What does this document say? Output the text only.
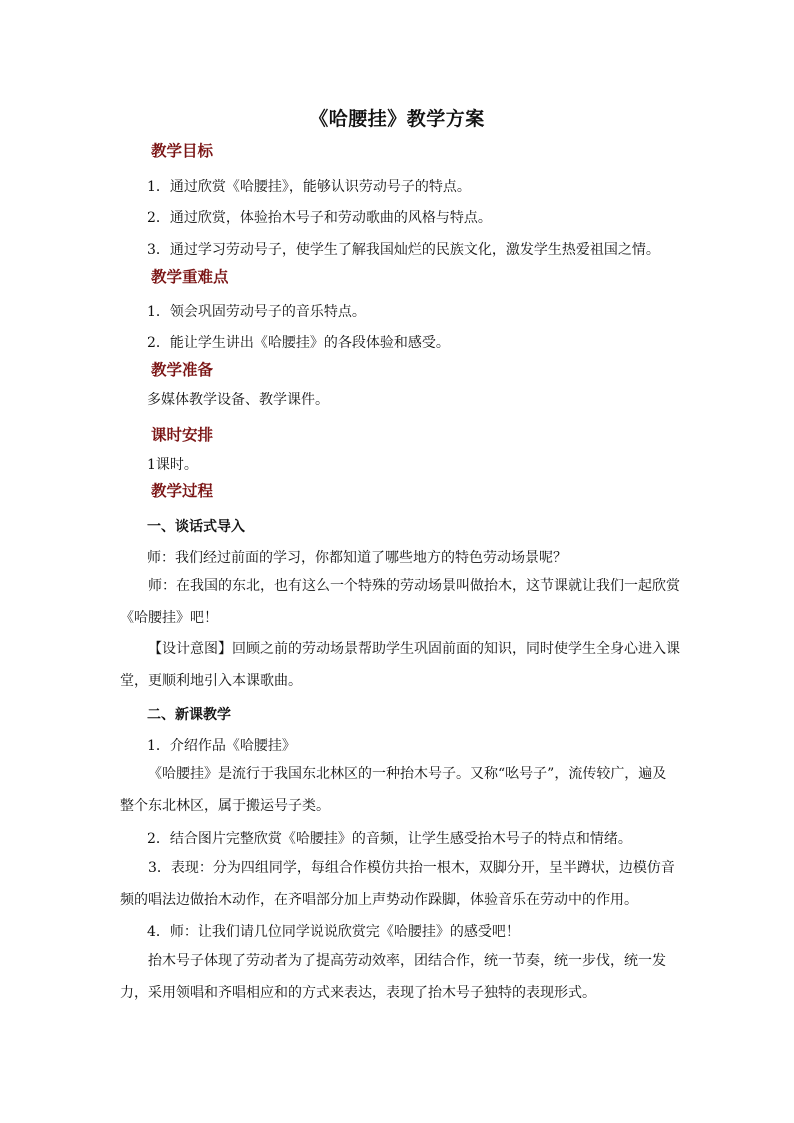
《哈腰挂》教学方案
教学目标
1．通过欣赏《哈腰挂》，能够认识劳动号子的特点。
2．通过欣赏，体验抬木号子和劳动歌曲的风格与特点。
3．通过学习劳动号子，使学生了解我国灿烂的民族文化，激发学生热爱祖国之情。
教学重难点
1．领会巩固劳动号子的音乐特点。
2．能让学生讲出《哈腰挂》的各段体验和感受。
教学准备
多媒体教学设备、教学课件。
课时安排
1课时。
教学过程
一、谈话式导入
师：我们经过前面的学习，你都知道了哪些地方的特色劳动场景呢？
师：在我国的东北，也有这么一个特殊的劳动场景叫做抬木，这节课就让我们一起欣赏《哈腰挂》吧！
【设计意图】回顾之前的劳动场景帮助学生巩固前面的知识，同时使学生全身心进入课堂，更顺利地引入本课歌曲。
二、新课教学
1．介绍作品《哈腰挂》
《哈腰挂》是流行于我国东北林区的一种抬木号子。又称“吆号子”，流传较广，遍及整个东北林区，属于搬运号子类。
2．结合图片完整欣赏《哈腰挂》的音频，让学生感受抬木号子的特点和情绪。
3．表现：分为四组同学，每组合作模仿共抬一根木，双脚分开，呈半蹲状，边模仿音频的唱法边做抬木动作，在齐唱部分加上声势动作跺脚，体验音乐在劳动中的作用。
4．师：让我们请几位同学说说欣赏完《哈腰挂》的感受吧！
抬木号子体现了劳动者为了提高劳动效率，团结合作，统一节奏，统一步伐，统一发力，采用领唱和齐唱相应和的方式来表达，表现了抬木号子独特的表现形式。
